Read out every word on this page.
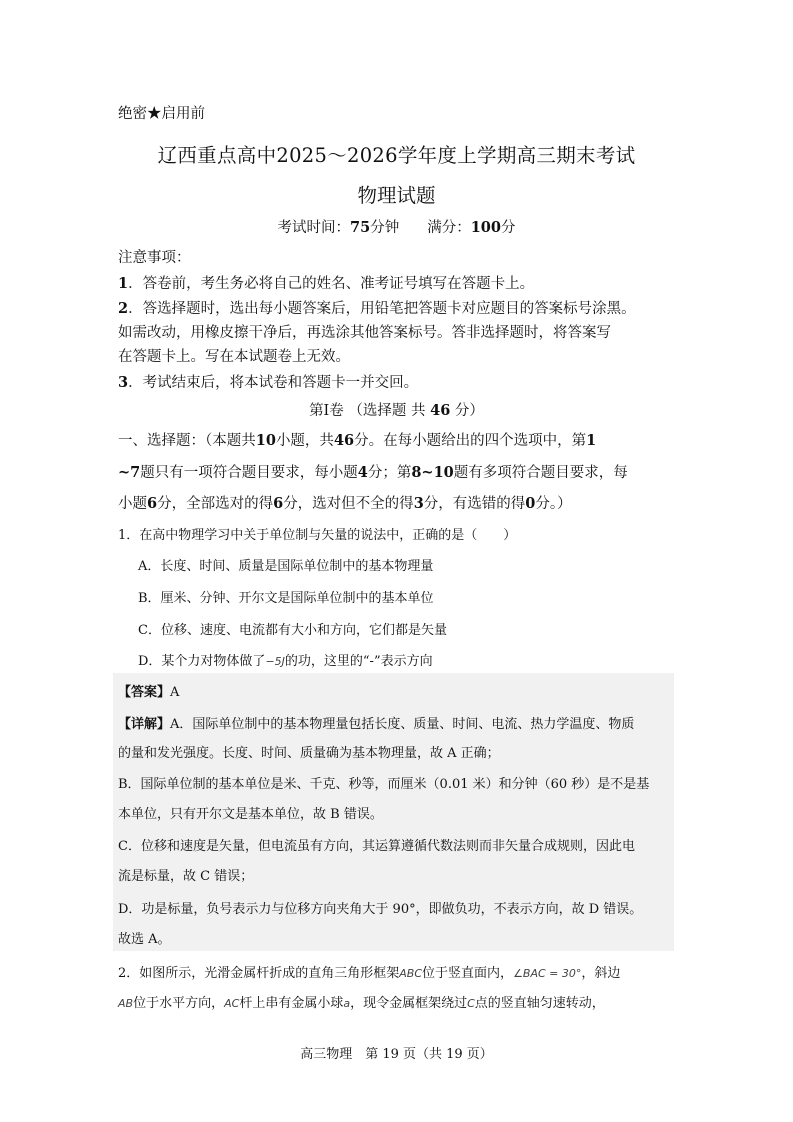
绝密★启用前
辽西重点高中2025～2026学年度上学期高三期末考试
物理试题
考试时间：75分钟 满分：100分
注意事项：
1．答卷前，考生务必将自己的姓名、准考证号填写在答题卡上。
2．答选择题时，选出每小题答案后，用铅笔把答题卡对应题目的答案标号涂黑。
如需改动，用橡皮擦干净后，再选涂其他答案标号。答非选择题时，将答案写
在答题卡上。写在本试题卷上无效。
3．考试结束后，将本试卷和答题卡一并交回。
第Ⅰ卷 （选择题 共 46 分）
一、选择题：（本题共10小题，共46分。在每小题给出的四个选项中，第1
~7题只有一项符合题目要求，每小题4分；第8~10题有多项符合题目要求，每
小题6分，全部选对的得6分，选对但不全的得3分，有选错的得0分。）
1．在高中物理学习中关于单位制与矢量的说法中，正确的是（　　）
A．长度、时间、质量是国际单位制中的基本物理量
B．厘米、分钟、开尔文是国际单位制中的基本单位
C．位移、速度、电流都有大小和方向，它们都是矢量
D．某个力对物体做了−5J的功，这里的“-”表示方向
【答案】A
【详解】A．国际单位制中的基本物理量包括长度、质量、时间、电流、热力学温度、物质
的量和发光强度。长度、时间、质量确为基本物理量，故 A 正确；
B．国际单位制的基本单位是米、千克、秒等，而厘米（0.01 米）和分钟（60 秒）是不是基
本单位，只有开尔文是基本单位，故 B 错误。
C．位移和速度是矢量，但电流虽有方向，其运算遵循代数法则而非矢量合成规则，因此电
流是标量，故 C 错误；
D．功是标量，负号表示力与位移方向夹角大于 90°，即做负功，不表示方向，故 D 错误。
故选 A。
2．如图所示，光滑金属杆折成的直角三角形框架ABC位于竖直面内，∠BAC = 30°，斜边
AB位于水平方向，AC杆上串有金属小球a，现令金属框架绕过C点的竖直轴匀速转动，
高三物理　第 19 页（共 19 页）
